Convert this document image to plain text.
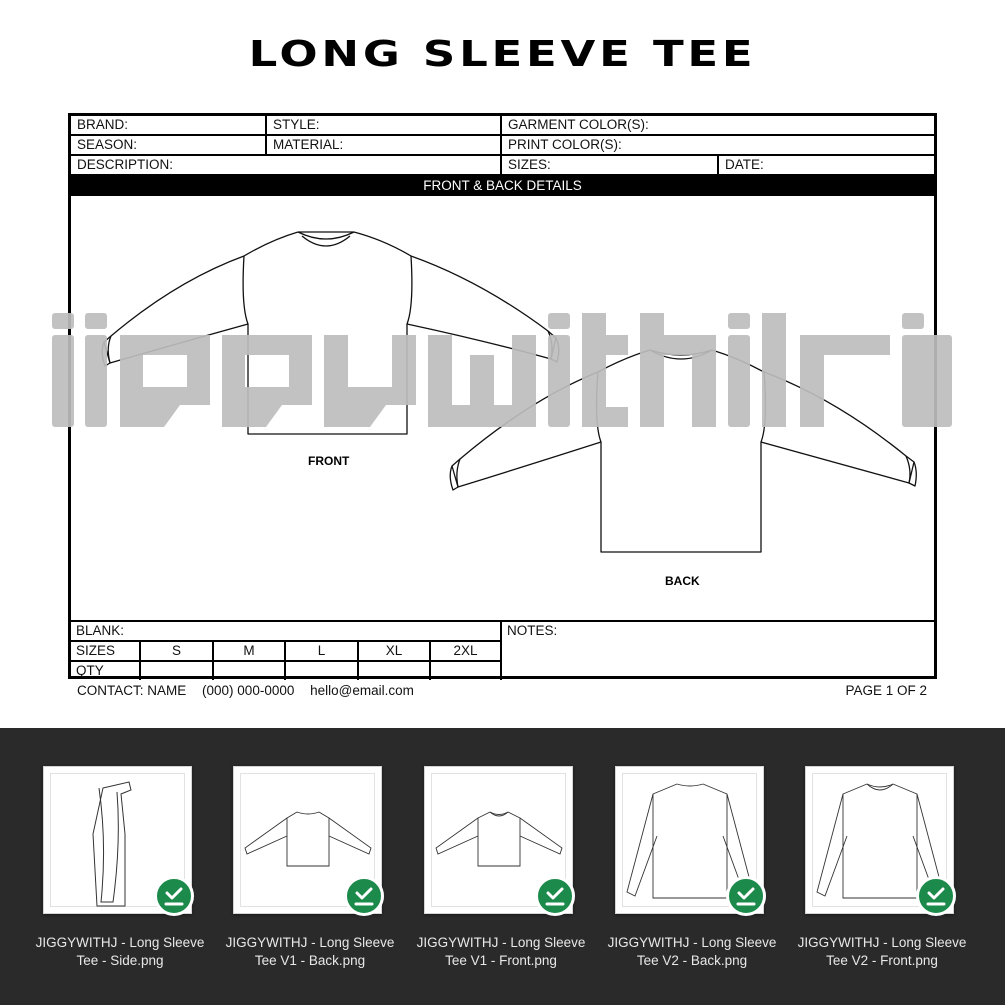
LONG SLEEVE TEE
BRAND:	STYLE:	GARMENT COLOR(S):
SEASON:	MATERIAL:	PRINT COLOR(S):
DESCRIPTION:	SIZES:	DATE:
FRONT & BACK DETAILS
FRONT
BACK
BLANK:	NOTES:
SIZES	S	M	L	XL	2XL
QTY
CONTACT: NAME (000) 000-0000 hello@email.com	PAGE 1 OF 2
JIGGYWITHJ - Long Sleeve
Tee - Side.png
JIGGYWITHJ - Long Sleeve
Tee V1 - Back.png
JIGGYWITHJ - Long Sleeve
Tee V1 - Front.png
JIGGYWITHJ - Long Sleeve
Tee V2 - Back.png
JIGGYWITHJ - Long Sleeve
Tee V2 - Front.png
